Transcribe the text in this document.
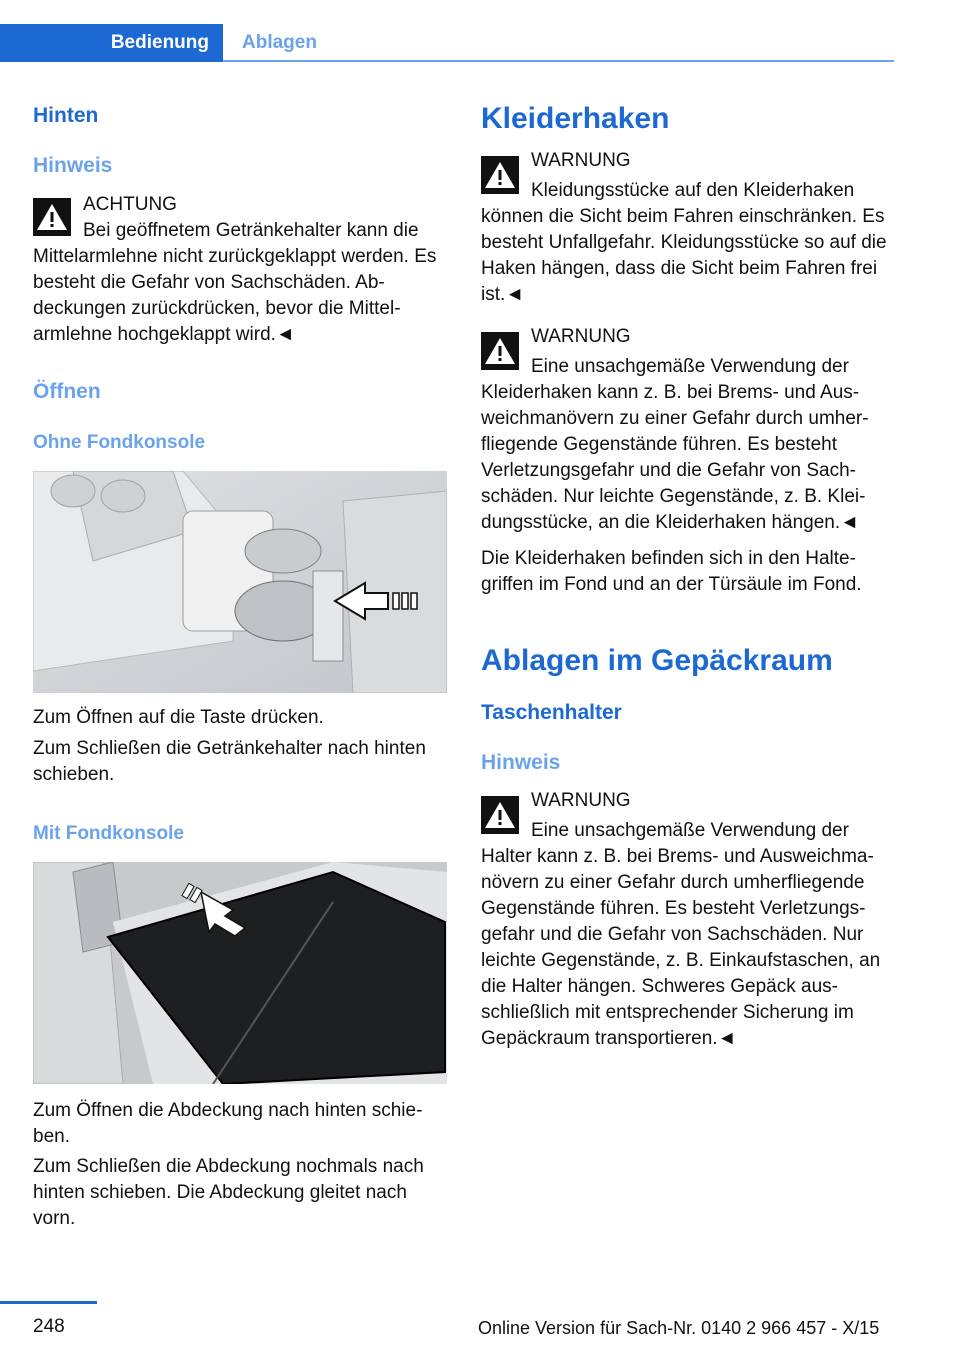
Bedienung Ablagen
Hinten
Hinweis
ACHTUNG

Bei geöffnetem Getränkehalter kann die Mittelarmlehne nicht zurückgeklappt werden. Es besteht die Gefahr von Sachschäden. Abdeckungen zurückdrücken, bevor die Mittelarmlehne hochgeklappt wird.◄

Öffnen
Ohne Fondkonsole

Zum Öffnen auf die Taste drücken.

Zum Schließen die Getränkehalter nach hinten schieben.

Mit Fondkonsole

Zum Öffnen die Abdeckung nach hinten schieben.

Zum Schließen die Abdeckung nochmals nach hinten schieben. Die Abdeckung gleitet nach vorn.

Kleiderhaken
WARNUNG

Kleidungsstücke auf den Kleiderhaken können die Sicht beim Fahren einschränken. Es besteht Unfallgefahr. Kleidungsstücke so auf die Haken hängen, dass die Sicht beim Fahren frei ist.◄

WARNUNG

Eine unsachgemäße Verwendung der Kleiderhaken kann z. B. bei Brems- und Ausweichmanövern zu einer Gefahr durch umherfliegende Gegenstände führen. Es besteht Verletzungsgefahr und die Gefahr von Sachschäden. Nur leichte Gegenstände, z. B. Kleidungsstücke, an die Kleiderhaken hängen.◄

Die Kleiderhaken befinden sich in den Haltegriffen im Fond und an der Türsäule im Fond.

Ablagen im Gepäckraum
Taschenhalter
Hinweis
WARNUNG

Eine unsachgemäße Verwendung der Halter kann z. B. bei Brems- und Ausweichmanövern zu einer Gefahr durch umherfliegende Gegenstände führen. Es besteht Verletzungsgefahr und die Gefahr von Sachschäden. Nur leichte Gegenstände, z. B. Einkaufstaschen, an die Halter hängen. Schweres Gepäck ausschließlich mit entsprechender Sicherung im Gepäckraum transportieren.◄

248	Online Version für Sach-Nr. 0140 2 966 457 - X/15
